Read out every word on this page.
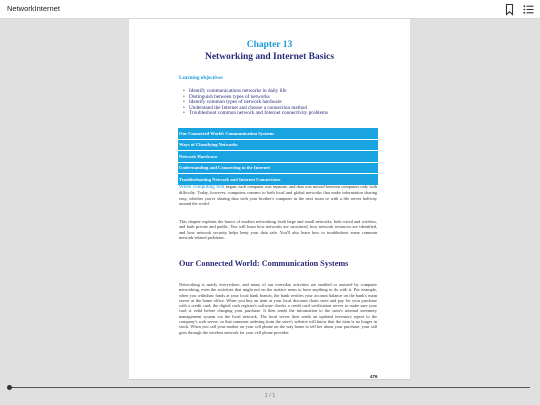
NetworkInternet
Chapter 13
Networking and Internet Basics
Learning objectives
• Identify communications networks in daily life
• Distinguish between types of networks
• Identify common types of network hardware
• Understand the Internet and choose a connection method
• Troubleshoot common network and Internet connectivity problems
Our Connected World: Communication Systems
Ways of Classifying Networks
Network Hardware
Understanding and Connecting to the Internet
Troubleshooting Network and Internet Connections

When computing first began, each computer was separate, and data was moved between computers only with difficulty. Today, however, computers connect to both local and global networks that make information sharing easy, whether you're sharing data with your brother's computer in the next room or with a file server halfway around the world.

This chapter explains the basics of modern networking, both large and small networks, both wired and wireless, and both private and public. You will learn how networks are structured, how network resources are identified, and how network security helps keep your data safe. You'll also learn how to troubleshoot some common network-related problems.

Our Connected World: Communication Systems

Networking is nearly everywhere, and many of our everyday activities are enabled or assisted by computer networking, even the activities that might not on the surface seem to have anything to do with it. For example, when you withdraw funds at your local bank branch, the bank verifies your account balance on the bank's main server at the home office. When you buy an item at your local discount chain store and pay for your purchase with a credit card, the digital cash register's software checks a credit card verification server to make sure your card is valid before charging your purchase. It then sends the information to the store's internal inventory management system via the local network. The local server then sends an updated inventory report to the company's web server, so that someone ordering from the store's website will know that the item is no longer in stock. When you call your mother on your cell phone on the way home to tell her about your purchase, your call goes through the wireless network for your cell phone provider.

476
1 / 1
